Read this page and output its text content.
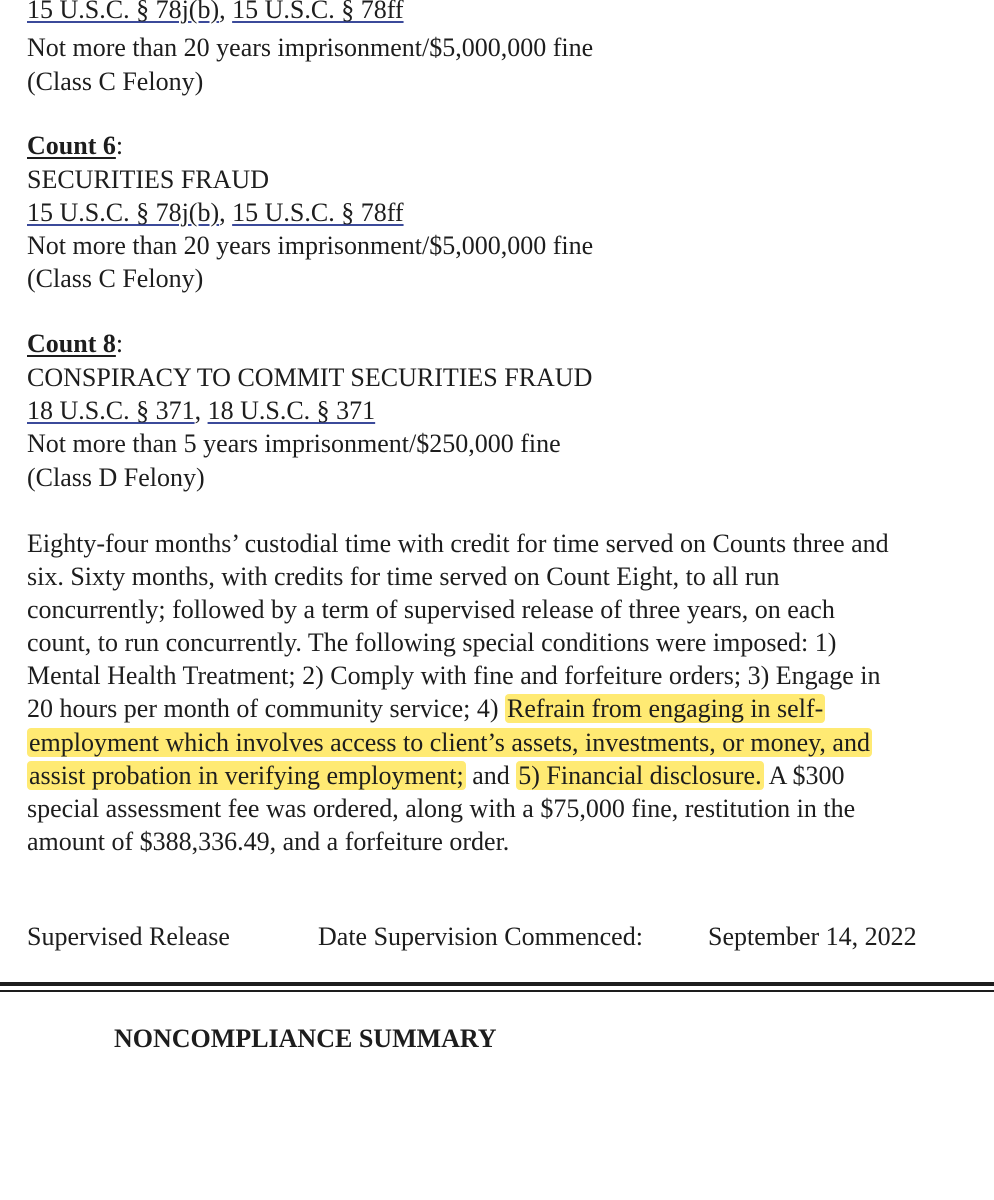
15 U.S.C. § 78j(b), 15 U.S.C. § 78ff
Not more than 20 years imprisonment/$5,000,000 fine
(Class C Felony)
Count 6:
SECURITIES FRAUD
15 U.S.C. § 78j(b), 15 U.S.C. § 78ff
Not more than 20 years imprisonment/$5,000,000 fine
(Class C Felony)
Count 8:
CONSPIRACY TO COMMIT SECURITIES FRAUD
18 U.S.C. § 371, 18 U.S.C. § 371
Not more than 5 years imprisonment/$250,000 fine
(Class D Felony)
Eighty-four months’ custodial time with credit for time served on Counts three and
six. Sixty months, with credits for time served on Count Eight, to all run
concurrently; followed by a term of supervised release of three years, on each
count, to run concurrently. The following special conditions were imposed: 1)
Mental Health Treatment; 2) Comply with fine and forfeiture orders; 3) Engage in
20 hours per month of community service; 4) Refrain from engaging in self-
employment which involves access to client’s assets, investments, or money, and
assist probation in verifying employment; and 5) Financial disclosure. A $300
special assessment fee was ordered, along with a $75,000 fine, restitution in the
amount of $388,336.49, and a forfeiture order.
Supervised Release	Date Supervision Commenced:	September 14, 2022
NONCOMPLIANCE SUMMARY
